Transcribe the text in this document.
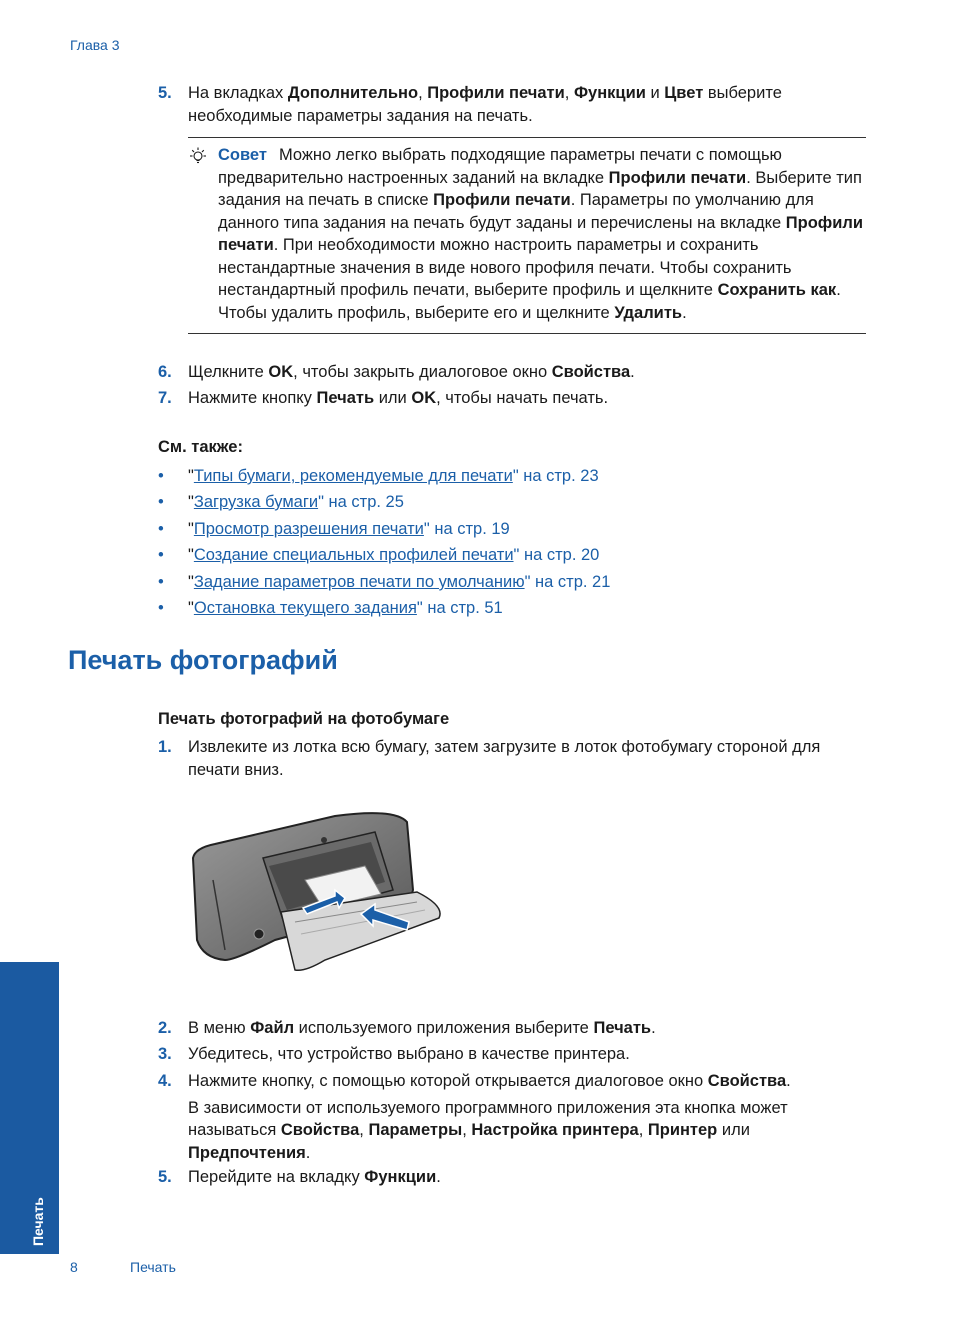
Глава 3
5. На вкладках Дополнительно, Профили печати, Функции и Цвет выберите необходимые параметры задания на печать.
Совет Можно легко выбрать подходящие параметры печати с помощью предварительно настроенных заданий на вкладке Профили печати. Выберите тип задания на печать в списке Профили печати. Параметры по умолчанию для данного типа задания на печать будут заданы и перечислены на вкладке Профили печати. При необходимости можно настроить параметры и сохранить нестандартные значения в виде нового профиля печати. Чтобы сохранить нестандартный профиль печати, выберите профиль и щелкните Сохранить как. Чтобы удалить профиль, выберите его и щелкните Удалить.
6. Щелкните OK, чтобы закрыть диалоговое окно Свойства.
7. Нажмите кнопку Печать или OK, чтобы начать печать.
См. также:
•	"Типы бумаги, рекомендуемые для печати" на стр. 23
•	"Загрузка бумаги" на стр. 25
•	"Просмотр разрешения печати" на стр. 19
•	"Создание специальных профилей печати" на стр. 20
•	"Задание параметров печати по умолчанию" на стр. 21
•	"Остановка текущего задания" на стр. 51
Печать фотографий
Печать фотографий на фотобумаге
1. Извлеките из лотка всю бумагу, затем загрузите в лоток фотобумагу стороной для печати вниз.
2. В меню Файл используемого приложения выберите Печать.
3. Убедитесь, что устройство выбрано в качестве принтера.
4. Нажмите кнопку, с помощью которой открывается диалоговое окно Свойства.
В зависимости от используемого программного приложения эта кнопка может называться Свойства, Параметры, Настройка принтера, Принтер или Предпочтения.
5. Перейдите на вкладку Функции.
Печать
8	Печать
